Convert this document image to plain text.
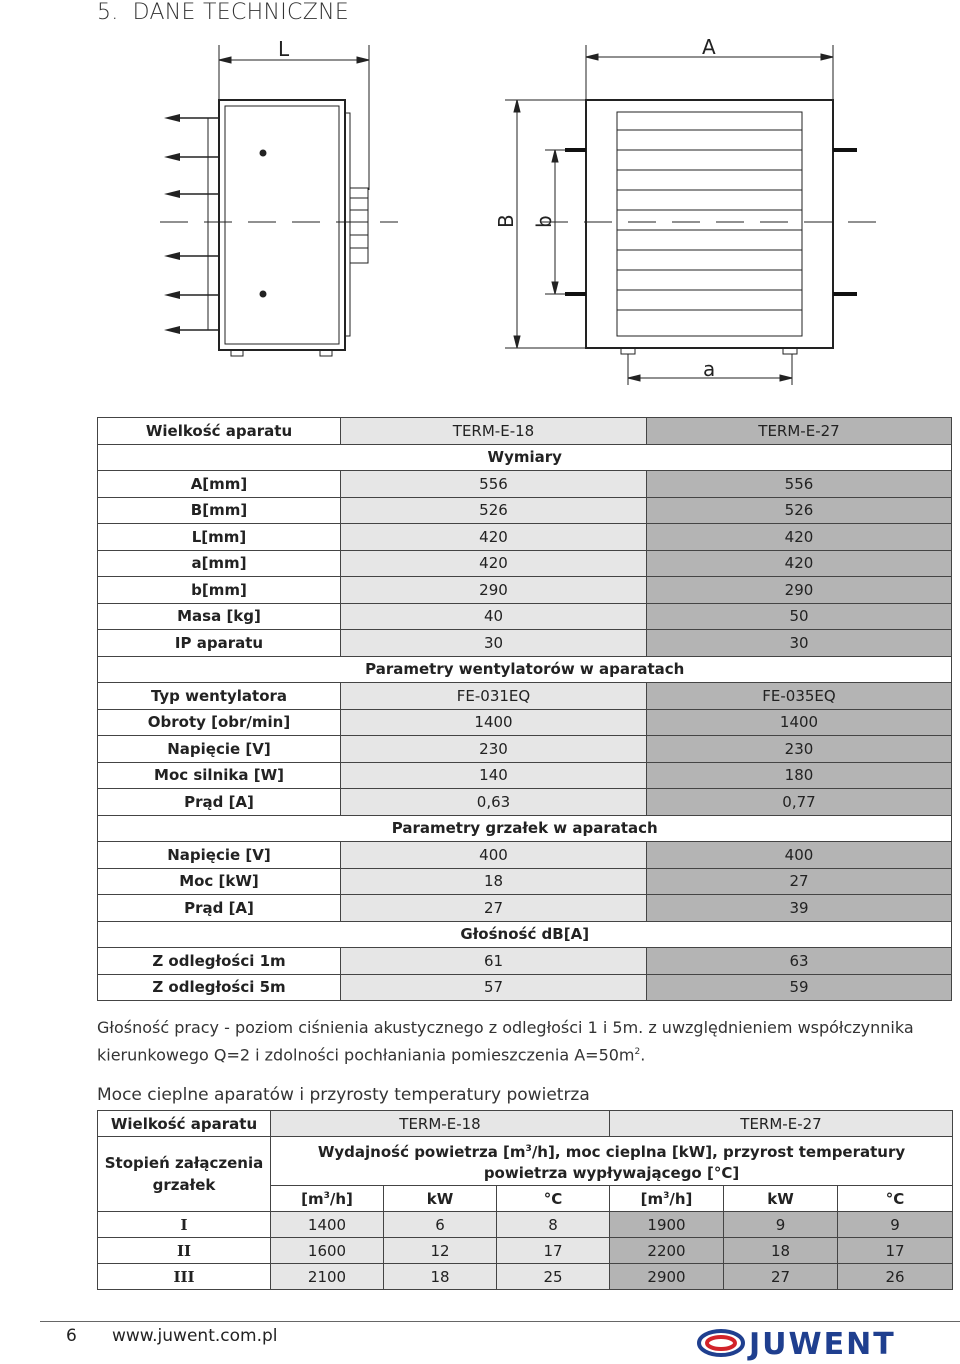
5. DANE TECHNICZNE
L	A
B b
a
Wielkość aparatu	TERM-E-18	TERM-E-27
	Wymiary
A[mm]	556	556
B[mm]	526	526
L[mm]	420	420
a[mm]	420	420
b[mm]	290	290
Masa [kg]	40	50
IP aparatu	30	30
	Parametry wentylatorów w aparatach
Typ wentylatora	FE-031EQ	FE-035EQ
Obroty [obr/min]	1400	1400
Napięcie [V]	230	230
Moc silnika [W]	140	180
Prąd [A]	0,63	0,77
	Parametry grzałek w aparatach
Napięcie [V]	400	400
Moc [kW]	18	27
Prąd [A]	27	39
	Głośność dB[A]
Z odległości 1m	61	63
Z odległości 5m	57	59
Głośność pracy - poziom ciśnienia akustycznego z odległości 1 i 5m. z uwzględnieniem współczynnika kierunkowego Q=2 i zdolności pochłaniania pomieszczenia $A=50m^2$.
Moce cieplne aparatów i przyrosty temperatury powietrza
Wielkość aparatu	TERM-E-18			TERM-E-27		
Stopień załączenia grzałek	Wydajność powietrza $[m^3/h]$, moc cieplna [kW], przyrost temperatury powietrza wypływającego [°C]					
	$[m^3/h]$	kW	°C	$[m^3/h]$	kW	°C
I	1400	6	8	1900	9	9
II	1600	12	17	2200	18	17
III	2100	18	25	2900	27	26
6 www.juwent.com.pl	JUWENT
